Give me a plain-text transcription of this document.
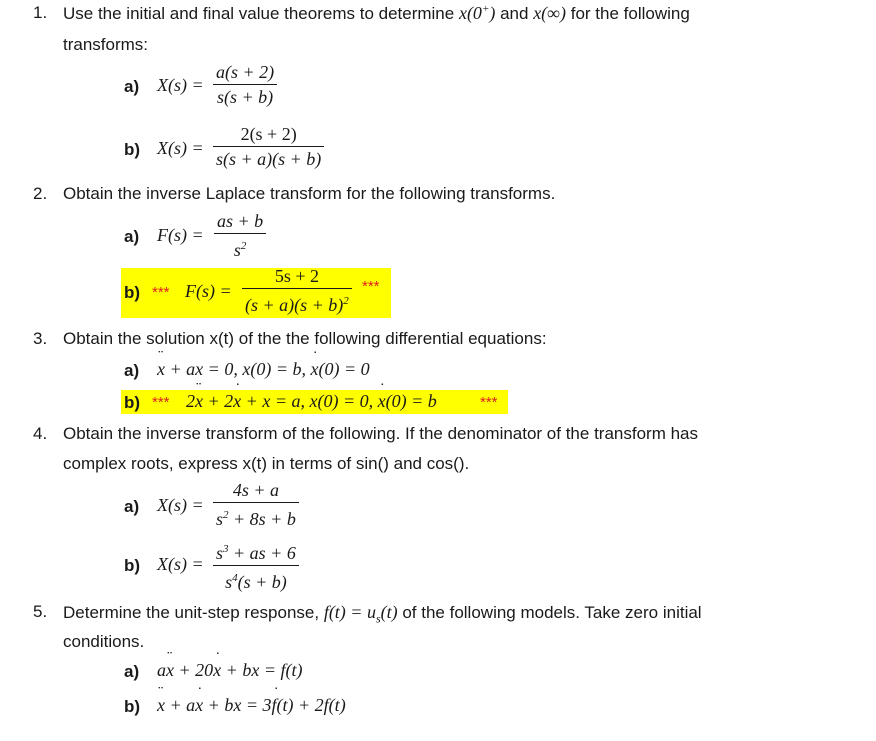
1. Use the initial and final value theorems to determine x(0+) and x(∞) for the following
transforms:
a) X(s) =
a(s + 2)
s(s + b)
b) X(s) =
2(s + 2)
s(s + a)(s + b)
2. Obtain the inverse Laplace transform for the following transforms.
a) F(s) =
as + b
$s^2$
b) *** F(s) =
5s + 2
$(s + a)(s + b)^2$
***
3. Obtain the solution x(t) of the the following differential equations:
a) ¨ x + ax = 0, x(0) = b, ˙ x(0) = 0
b) *** 2¨ x + 2˙ x + x = a, x(0) = 0, ˙ x(0) = b	***
4. Obtain the inverse transform of the following. If the denominator of the transform has
complex roots, express x(t) in terms of sin() and cos().
a) X(s) =
4s + a
$s^2 + 8s + b$
b) X(s) =
$s^3$ + as + 6
$s^4(s + b)$
5. Determine the unit-step response, $f(t) = u_s(t)$ of the following models. Take zero initial
conditions.
a) a¨ x + 20˙ x + bx = f(t)
b) ¨ x + a˙ x + bx = 3˙ f(t) + 2f(t)
